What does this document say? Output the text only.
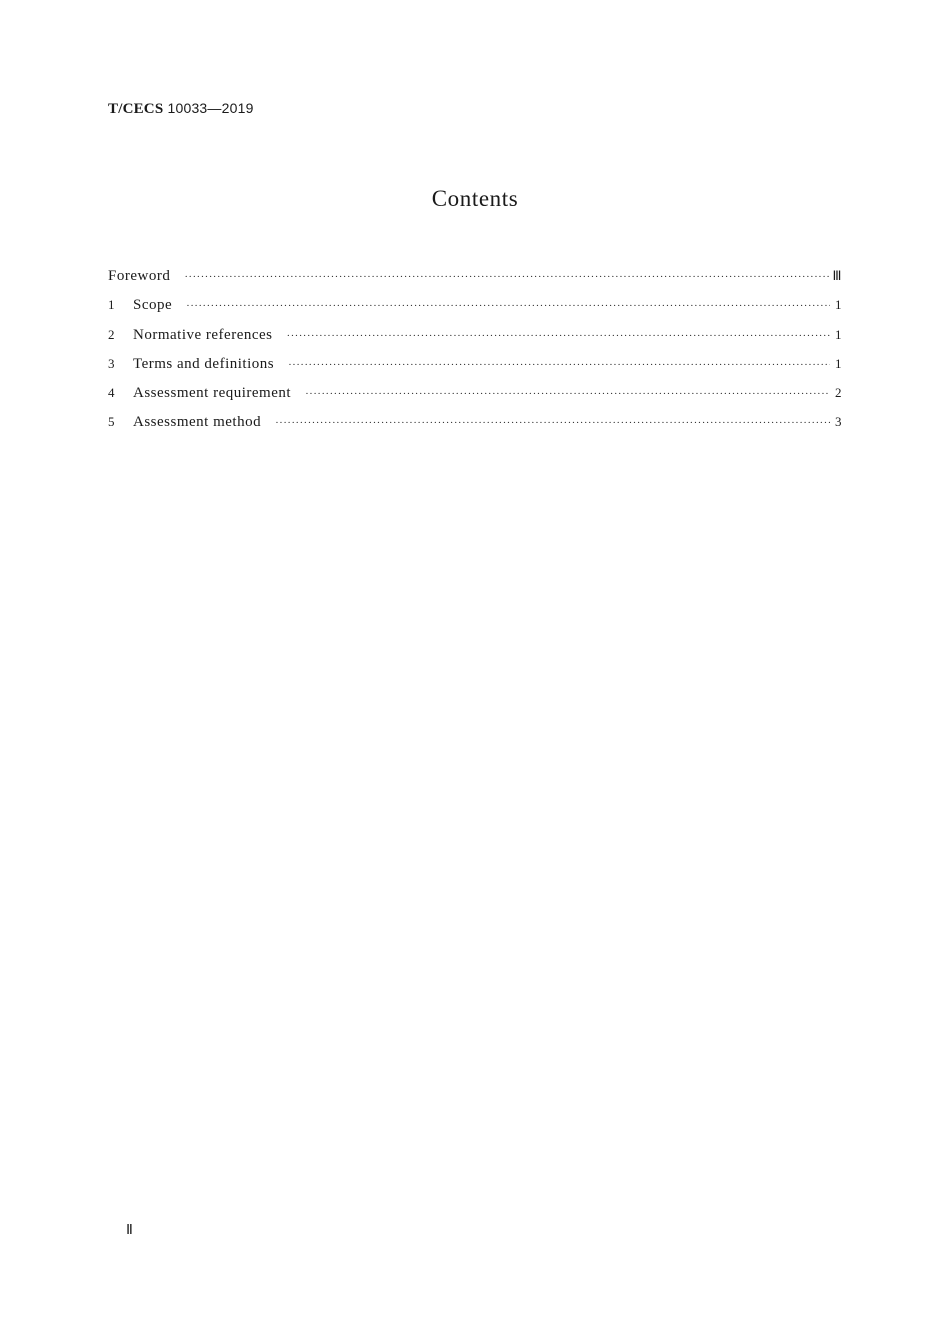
T/CECS 10033—2019
Contents
Foreword ·····	Ⅲ
1	Scope ·····	1
2	Normative references ·····	1
3	Terms and definitions ·····	1
4	Assessment requirement ·····	2
5	Assessment method ·····	3
Ⅱ
